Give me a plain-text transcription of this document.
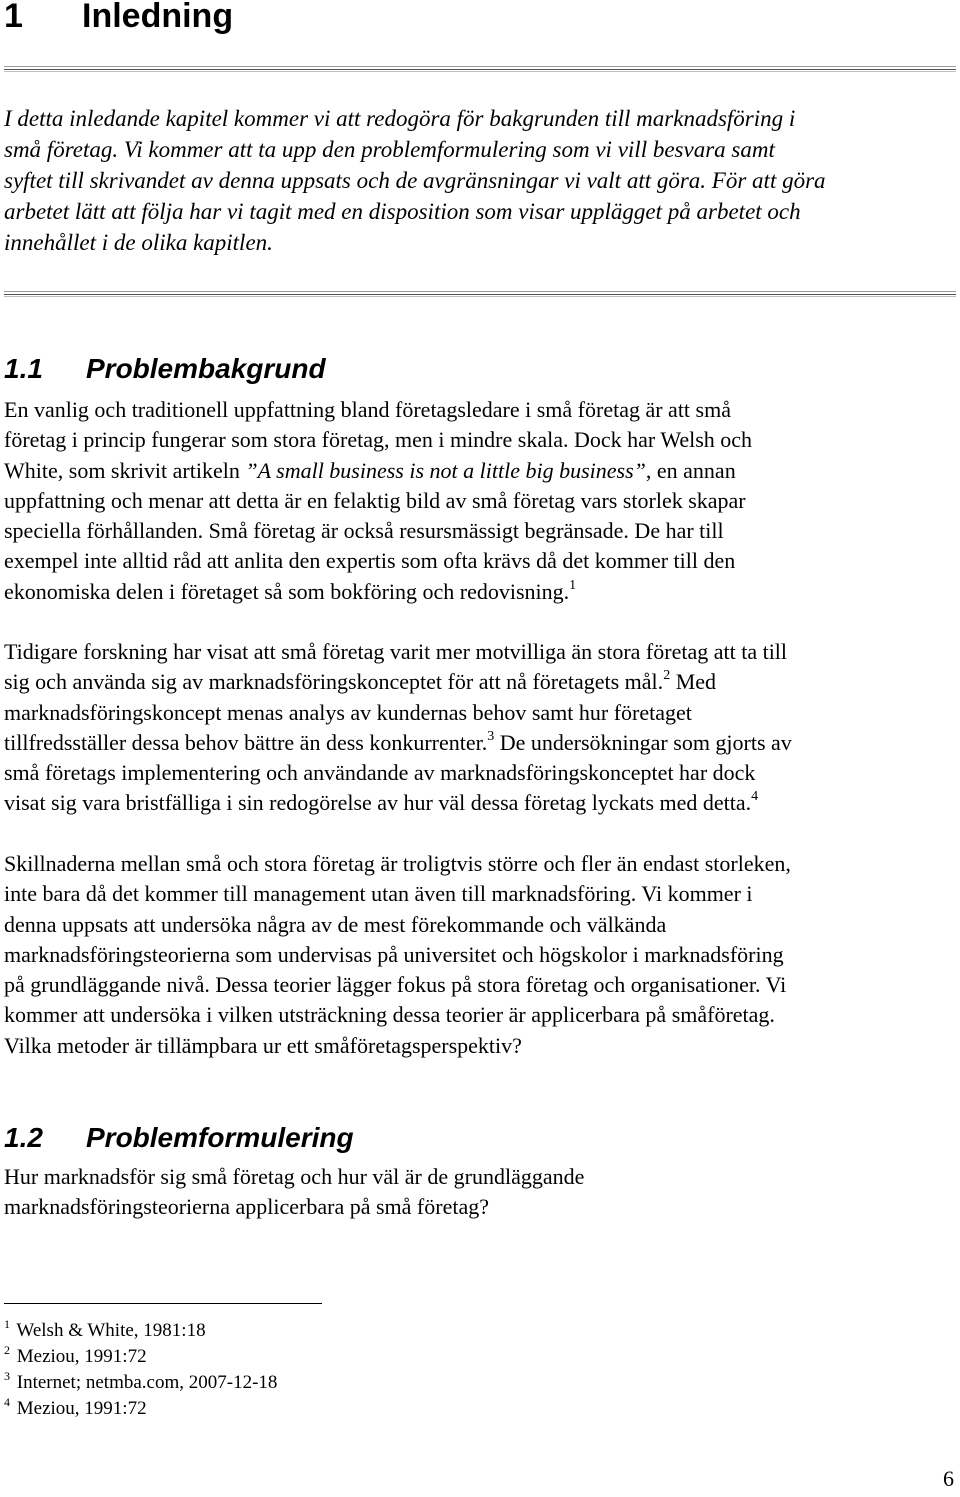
1 Inledning
I detta inledande kapitel kommer vi att redogöra för bakgrunden till marknadsföring i
små företag. Vi kommer att ta upp den problemformulering som vi vill besvara samt
syftet till skrivandet av denna uppsats och de avgränsningar vi valt att göra. För att göra
arbetet lätt att följa har vi tagit med en disposition som visar upplägget på arbetet och
innehållet i de olika kapitlen.
1.1 Problembakgrund
En vanlig och traditionell uppfattning bland företagsledare i små företag är att små
företag i princip fungerar som stora företag, men i mindre skala. Dock har Welsh och
White, som skrivit artikeln ”A small business is not a little big business”, en annan
uppfattning och menar att detta är en felaktig bild av små företag vars storlek skapar
speciella förhållanden. Små företag är också resursmässigt begränsade. De har till
exempel inte alltid råd att anlita den expertis som ofta krävs då det kommer till den
ekonomiska delen i företaget så som bokföring och redovisning.$^1$
Tidigare forskning har visat att små företag varit mer motvilliga än stora företag att ta till
sig och använda sig av marknadsföringskonceptet för att nå företagets mål.$^2$ Med
marknadsföringskoncept menas analys av kundernas behov samt hur företaget
tillfredsställer dessa behov bättre än dess konkurrenter.$^3$ De undersökningar som gjorts av
små företags implementering och användande av marknadsföringskonceptet har dock
visat sig vara bristfälliga i sin redogörelse av hur väl dessa företag lyckats med detta.$^4$
Skillnaderna mellan små och stora företag är troligtvis större och fler än endast storleken,
inte bara då det kommer till management utan även till marknadsföring. Vi kommer i
denna uppsats att undersöka några av de mest förekommande och välkända
marknadsföringsteorierna som undervisas på universitet och högskolor i marknadsföring
på grundläggande nivå. Dessa teorier lägger fokus på stora företag och organisationer. Vi
kommer att undersöka i vilken utsträckning dessa teorier är applicerbara på småföretag.
Vilka metoder är tillämpbara ur ett småföretagsperspektiv?
1.2 Problemformulering
Hur marknadsför sig små företag och hur väl är de grundläggande
marknadsföringsteorierna applicerbara på små företag?
$^1$ Welsh & White, 1981:18
$^2$ Meziou, 1991:72
$^3$ Internet; netmba.com, 2007-12-18
$^4$ Meziou, 1991:72
6
